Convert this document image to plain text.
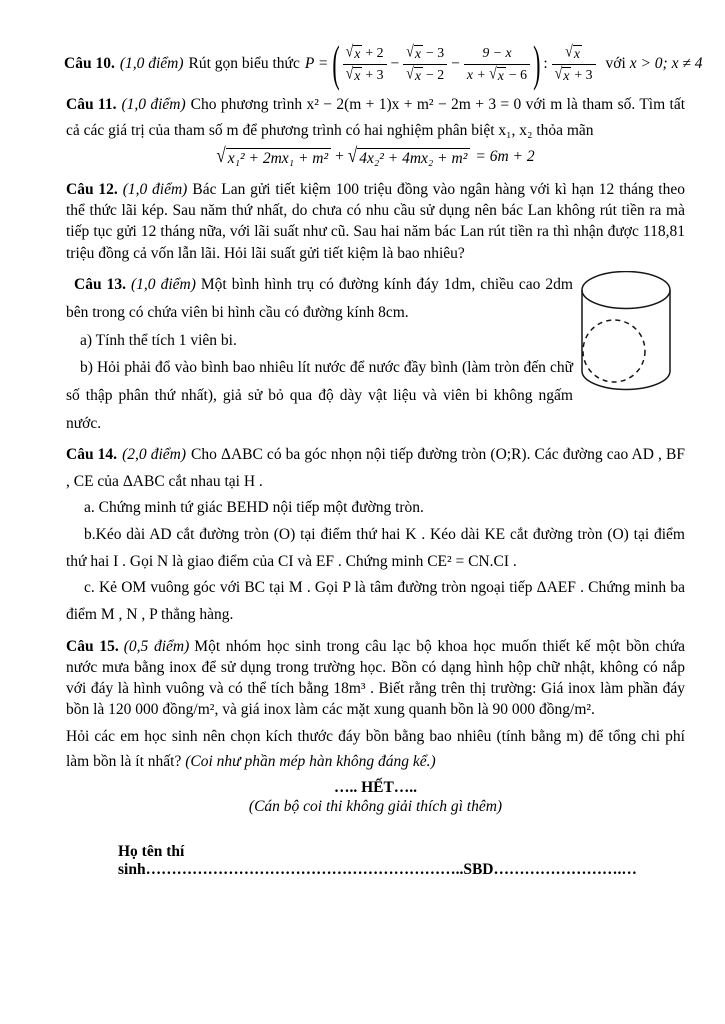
Câu 10. (1,0 điểm) Rút gọn biểu thức P = ( $\frac{√ x + 2}{√ x + 3} - \frac{√ x - 3}{√ x - 2} - \frac{9 - x}{x + √ x - 6}$ ) : $\frac{√ x}{√ x + 3}$ với x > 0; x ≠ 4

Câu 11. (1,0 điểm) Cho phương trình x² − 2(m + 1)x + m² − 2m + 3 = 0 với m là tham số. Tìm tất cả các giá trị của tham số m để phương trình có hai nghiệm phân biệt x₁, x₂ thỏa mãn

√ x₁² + 2mx₁ + m² + √ 4x₂² + 4mx₂ + m² = 6m + 2

Câu 12. (1,0 điểm) Bác Lan gửi tiết kiệm 100 triệu đồng vào ngân hàng với kì hạn 12 tháng theo thể thức lãi kép. Sau năm thứ nhất, do chưa có nhu cầu sử dụng nên bác Lan không rút tiền ra mà tiếp tục gửi 12 tháng nữa, với lãi suất như cũ. Sau hai năm bác Lan rút tiền ra thì nhận được 118,81 triệu đồng cả vốn lẫn lãi. Hỏi lãi suất gửi tiết kiệm là bao nhiêu?

Câu 13. (1,0 điểm) Một bình hình trụ có đường kính đáy 1dm, chiều cao 2dm bên trong có chứa viên bi hình cầu có đường kính 8cm.

a) Tính thể tích 1 viên bi.

b) Hỏi phải đổ vào bình bao nhiêu lít nước để nước đầy bình (làm tròn đến chữ số thập phân thứ nhất), giả sử bỏ qua độ dày vật liệu và viên bi không ngấm nước.

Câu 14. (2,0 điểm) Cho ΔABC có ba góc nhọn nội tiếp đường tròn (O;R). Các đường cao AD , BF , CE của ΔABC cắt nhau tại H .

a. Chứng minh tứ giác BEHD nội tiếp một đường tròn.

b.Kéo dài AD cắt đường tròn (O) tại điểm thứ hai K . Kéo dài KE cắt đường tròn (O) tại điểm thứ hai I . Gọi N là giao điểm của CI và EF . Chứng minh CE² = CN.CI .

c. Kẻ OM vuông góc với BC tại M . Gọi P là tâm đường tròn ngoại tiếp ΔAEF . Chứng minh ba điểm M , N , P thẳng hàng.

Câu 15. (0,5 điểm) Một nhóm học sinh trong câu lạc bộ khoa học muốn thiết kế một bồn chứa nước mưa bằng inox để sử dụng trong trường học. Bồn có dạng hình hộp chữ nhật, không có nắp với đáy là hình vuông và có thể tích bằng 18m³ . Biết rằng trên thị trường: Giá inox làm phần đáy bồn là 120 000 đồng/m², và giá inox làm các mặt xung quanh bồn là 90 000 đồng/m².

Hỏi các em học sinh nên chọn kích thước đáy bồn bằng bao nhiêu (tính bằng m) để tổng chi phí làm bồn là ít nhất? (Coi như phần mép hàn không đáng kể.)

….. HẾT…..
(Cán bộ coi thi không giải thích gì thêm)
Họ tên thí sinh……………………………………………………..SBD…………………….…
